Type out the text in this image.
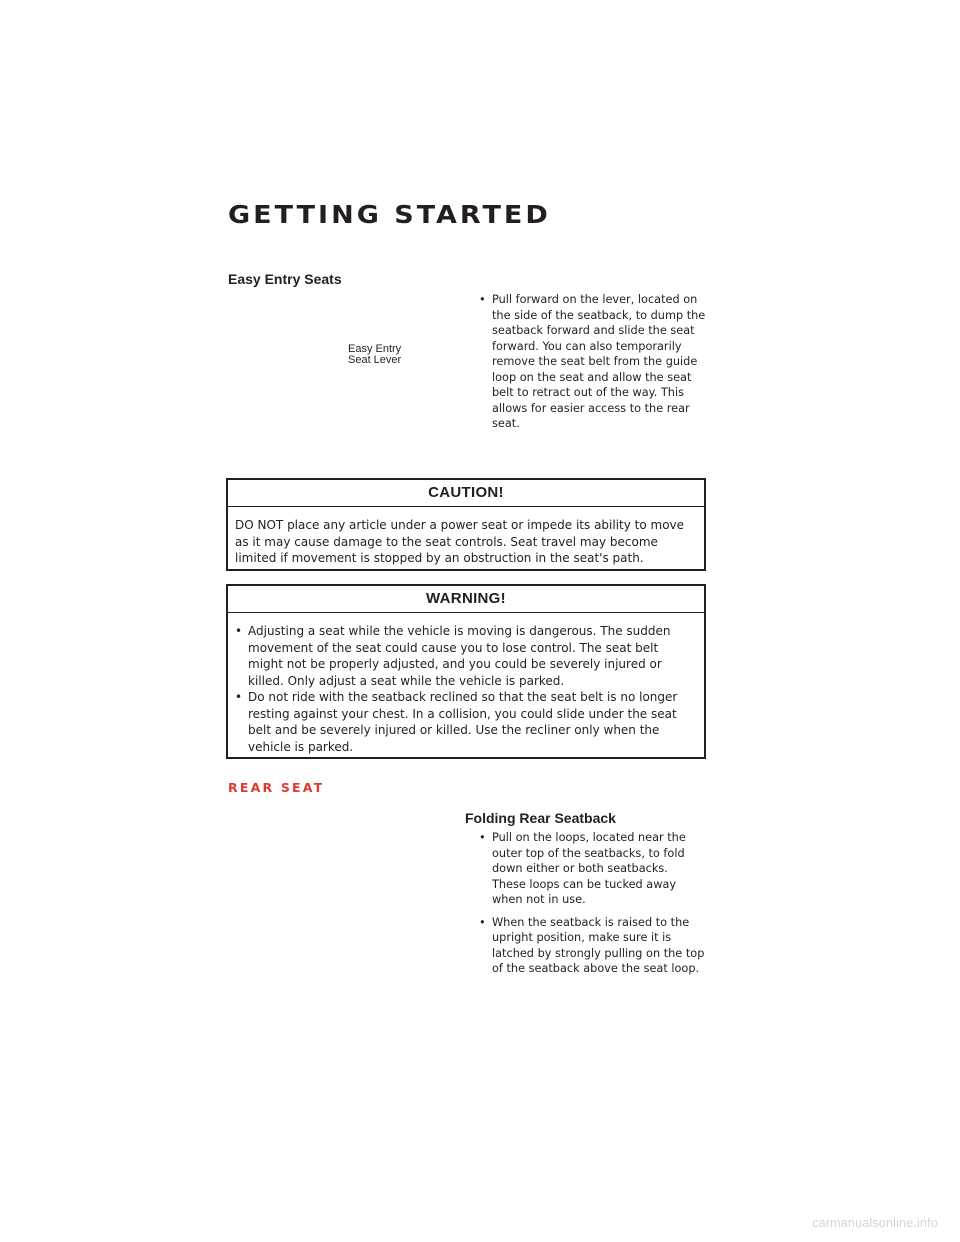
GETTING STARTED
Easy Entry Seats
Easy Entry
Seat Lever
• Pull forward on the lever, located on the side of the seatback, to dump the seatback forward and slide the seat forward. You can also temporarily remove the seat belt from the guide loop on the seat and allow the seat belt to retract out of the way. This allows for easier access to the rear seat.
CAUTION!

DO NOT place any article under a power seat or impede its ability to move as it may cause damage to the seat controls. Seat travel may become limited if movement is stopped by an obstruction in the seat's path.

WARNING!
• Adjusting a seat while the vehicle is moving is dangerous. The sudden movement of the seat could cause you to lose control. The seat belt might not be properly adjusted, and you could be severely injured or killed. Only adjust a seat while the vehicle is parked.
• Do not ride with the seatback reclined so that the seat belt is no longer resting against your chest. In a collision, you could slide under the seat belt and be severely injured or killed. Use the recliner only when the vehicle is parked.
REAR SEAT
Folding Rear Seatback
• Pull on the loops, located near the outer top of the seatbacks, to fold down either or both seatbacks. These loops can be tucked away when not in use.
• When the seatback is raised to the upright position, make sure it is latched by strongly pulling on the top of the seatback above the seat loop.
carmanualsonline.info
